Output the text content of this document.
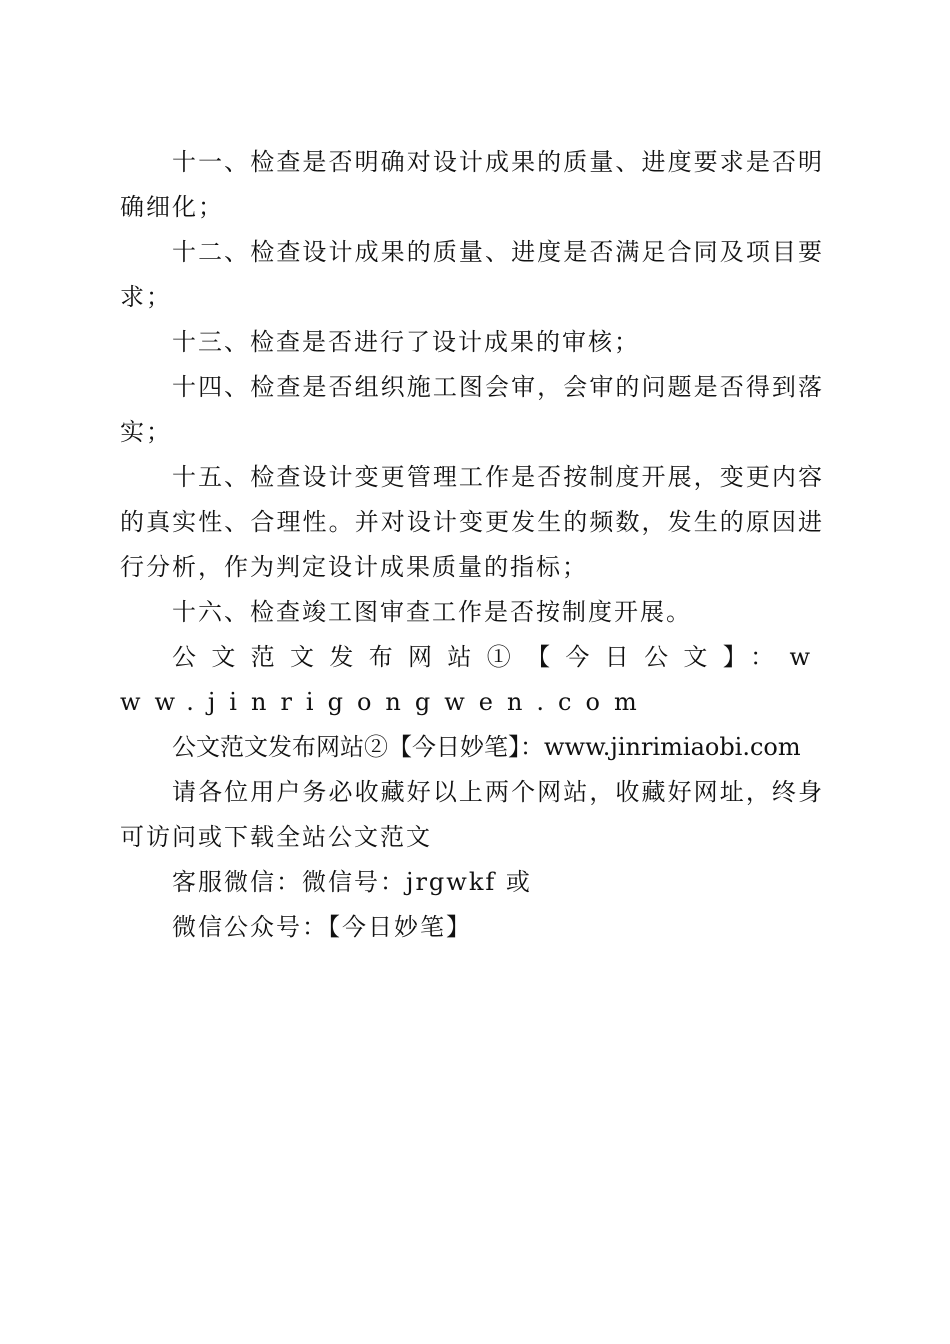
十一、检查是否明确对设计成果的质量、进度要求是否明确细化；

十二、检查设计成果的质量、进度是否满足合同及项目要求；

十三、检查是否进行了设计成果的审核；

十四、检查是否组织施工图会审，会审的问题是否得到落实；

十五、检查设计变更管理工作是否按制度开展，变更内容的真实性、合理性。并对设计变更发生的频数，发生的原因进行分析，作为判定设计成果质量的指标；

十六、检查竣工图审查工作是否按制度开展。

公文范文发布网站①【今日公文】：www.jinrigongwen.com

公文范文发布网站②【今日妙笔】：www.jinrimiaobi.com

请各位用户务必收藏好以上两个网站，收藏好网址，终身可访问或下载全站公文范文

客服微信：微信号：jrgwkf 或

微信公众号：【今日妙笔】
